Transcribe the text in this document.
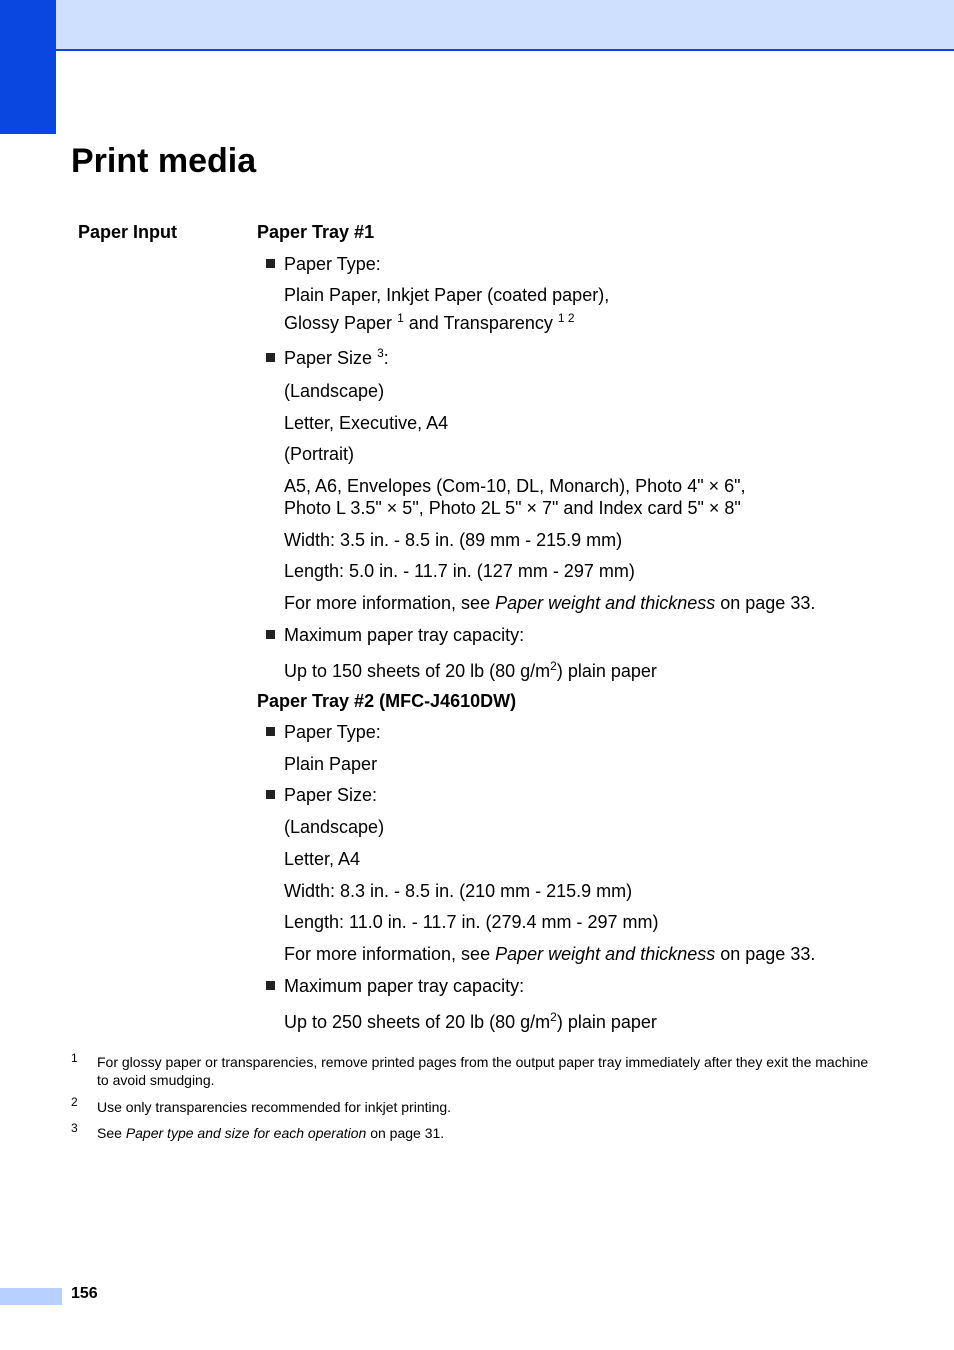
Print media
Paper Input	Paper Tray #1
Paper Type:
Plain Paper, Inkjet Paper (coated paper),
Glossy Paper $^1$ and Transparency $^{1 2}$
Paper Size $^3$:
(Landscape)
Letter, Executive, A4
(Portrait)
A5, A6, Envelopes (Com-10, DL, Monarch), Photo 4" × 6",
Photo L 3.5" × 5", Photo 2L 5" × 7" and Index card 5" × 8"
Width: 3.5 in. - 8.5 in. (89 mm - 215.9 mm)
Length: 5.0 in. - 11.7 in. (127 mm - 297 mm)
For more information, see Paper weight and thickness on page 33.
Maximum paper tray capacity:
Up to 150 sheets of 20 lb (80 $g/m^2$) plain paper
Paper Tray #2 (MFC-J4610DW)
Paper Type:
Plain Paper
Paper Size:
(Landscape)
Letter, A4
Width: 8.3 in. - 8.5 in. (210 mm - 215.9 mm)
Length: 11.0 in. - 11.7 in. (279.4 mm - 297 mm)
For more information, see Paper weight and thickness on page 33.
Maximum paper tray capacity:
Up to 250 sheets of 20 lb (80 $g/m^2$) plain paper
1 For glossy paper or transparencies, remove printed pages from the output paper tray immediately after they exit the machine to avoid smudging.
2 Use only transparencies recommended for inkjet printing.
3 See Paper type and size for each operation on page 31.
156
